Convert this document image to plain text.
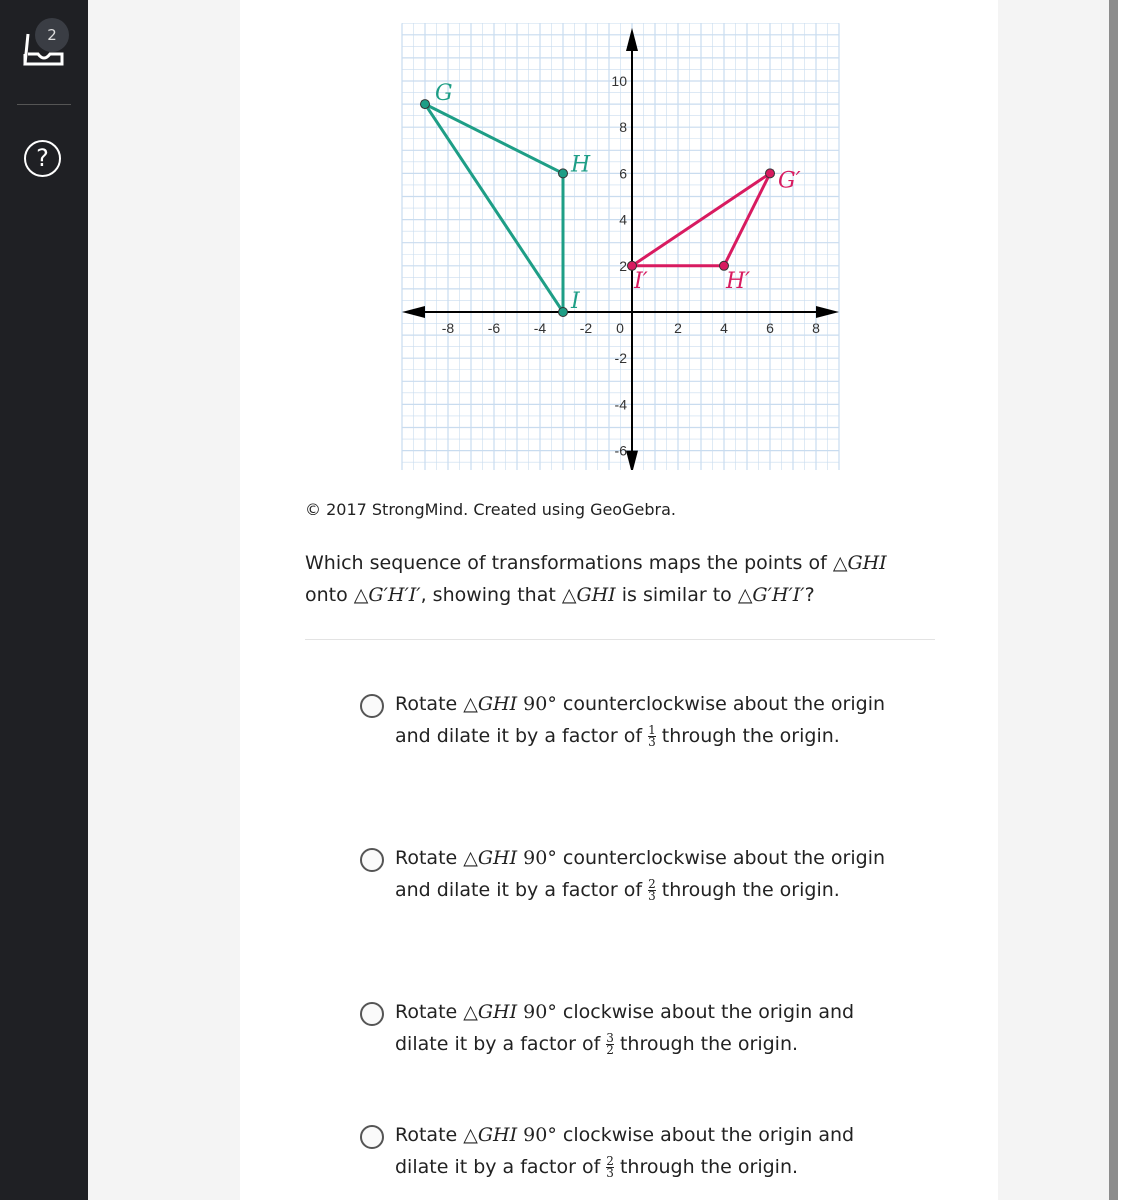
2
?
-8 -6 -4 -2 0	2	4	6	8
10
8
6
4
2
-2
-4
-6
G
H
I
G′
H′
I′
© 2017 StrongMind. Created using GeoGebra.
Which sequence of transformations maps the points of △GHI
onto △G′H′I′, showing that △GHI is similar to △G′H′I′?
Rotate △GHI 90° counterclockwise about the origin and dilate it by a factor of $\frac{1}{3}$ through the origin.
Rotate △GHI 90° counterclockwise about the origin and dilate it by a factor of $\frac{2}{3}$ through the origin.
Rotate △GHI 90° clockwise about the origin and dilate it by a factor of $\frac{3}{2}$ through the origin.
Rotate △GHI 90° clockwise about the origin and dilate it by a factor of $\frac{2}{3}$ through the origin.
